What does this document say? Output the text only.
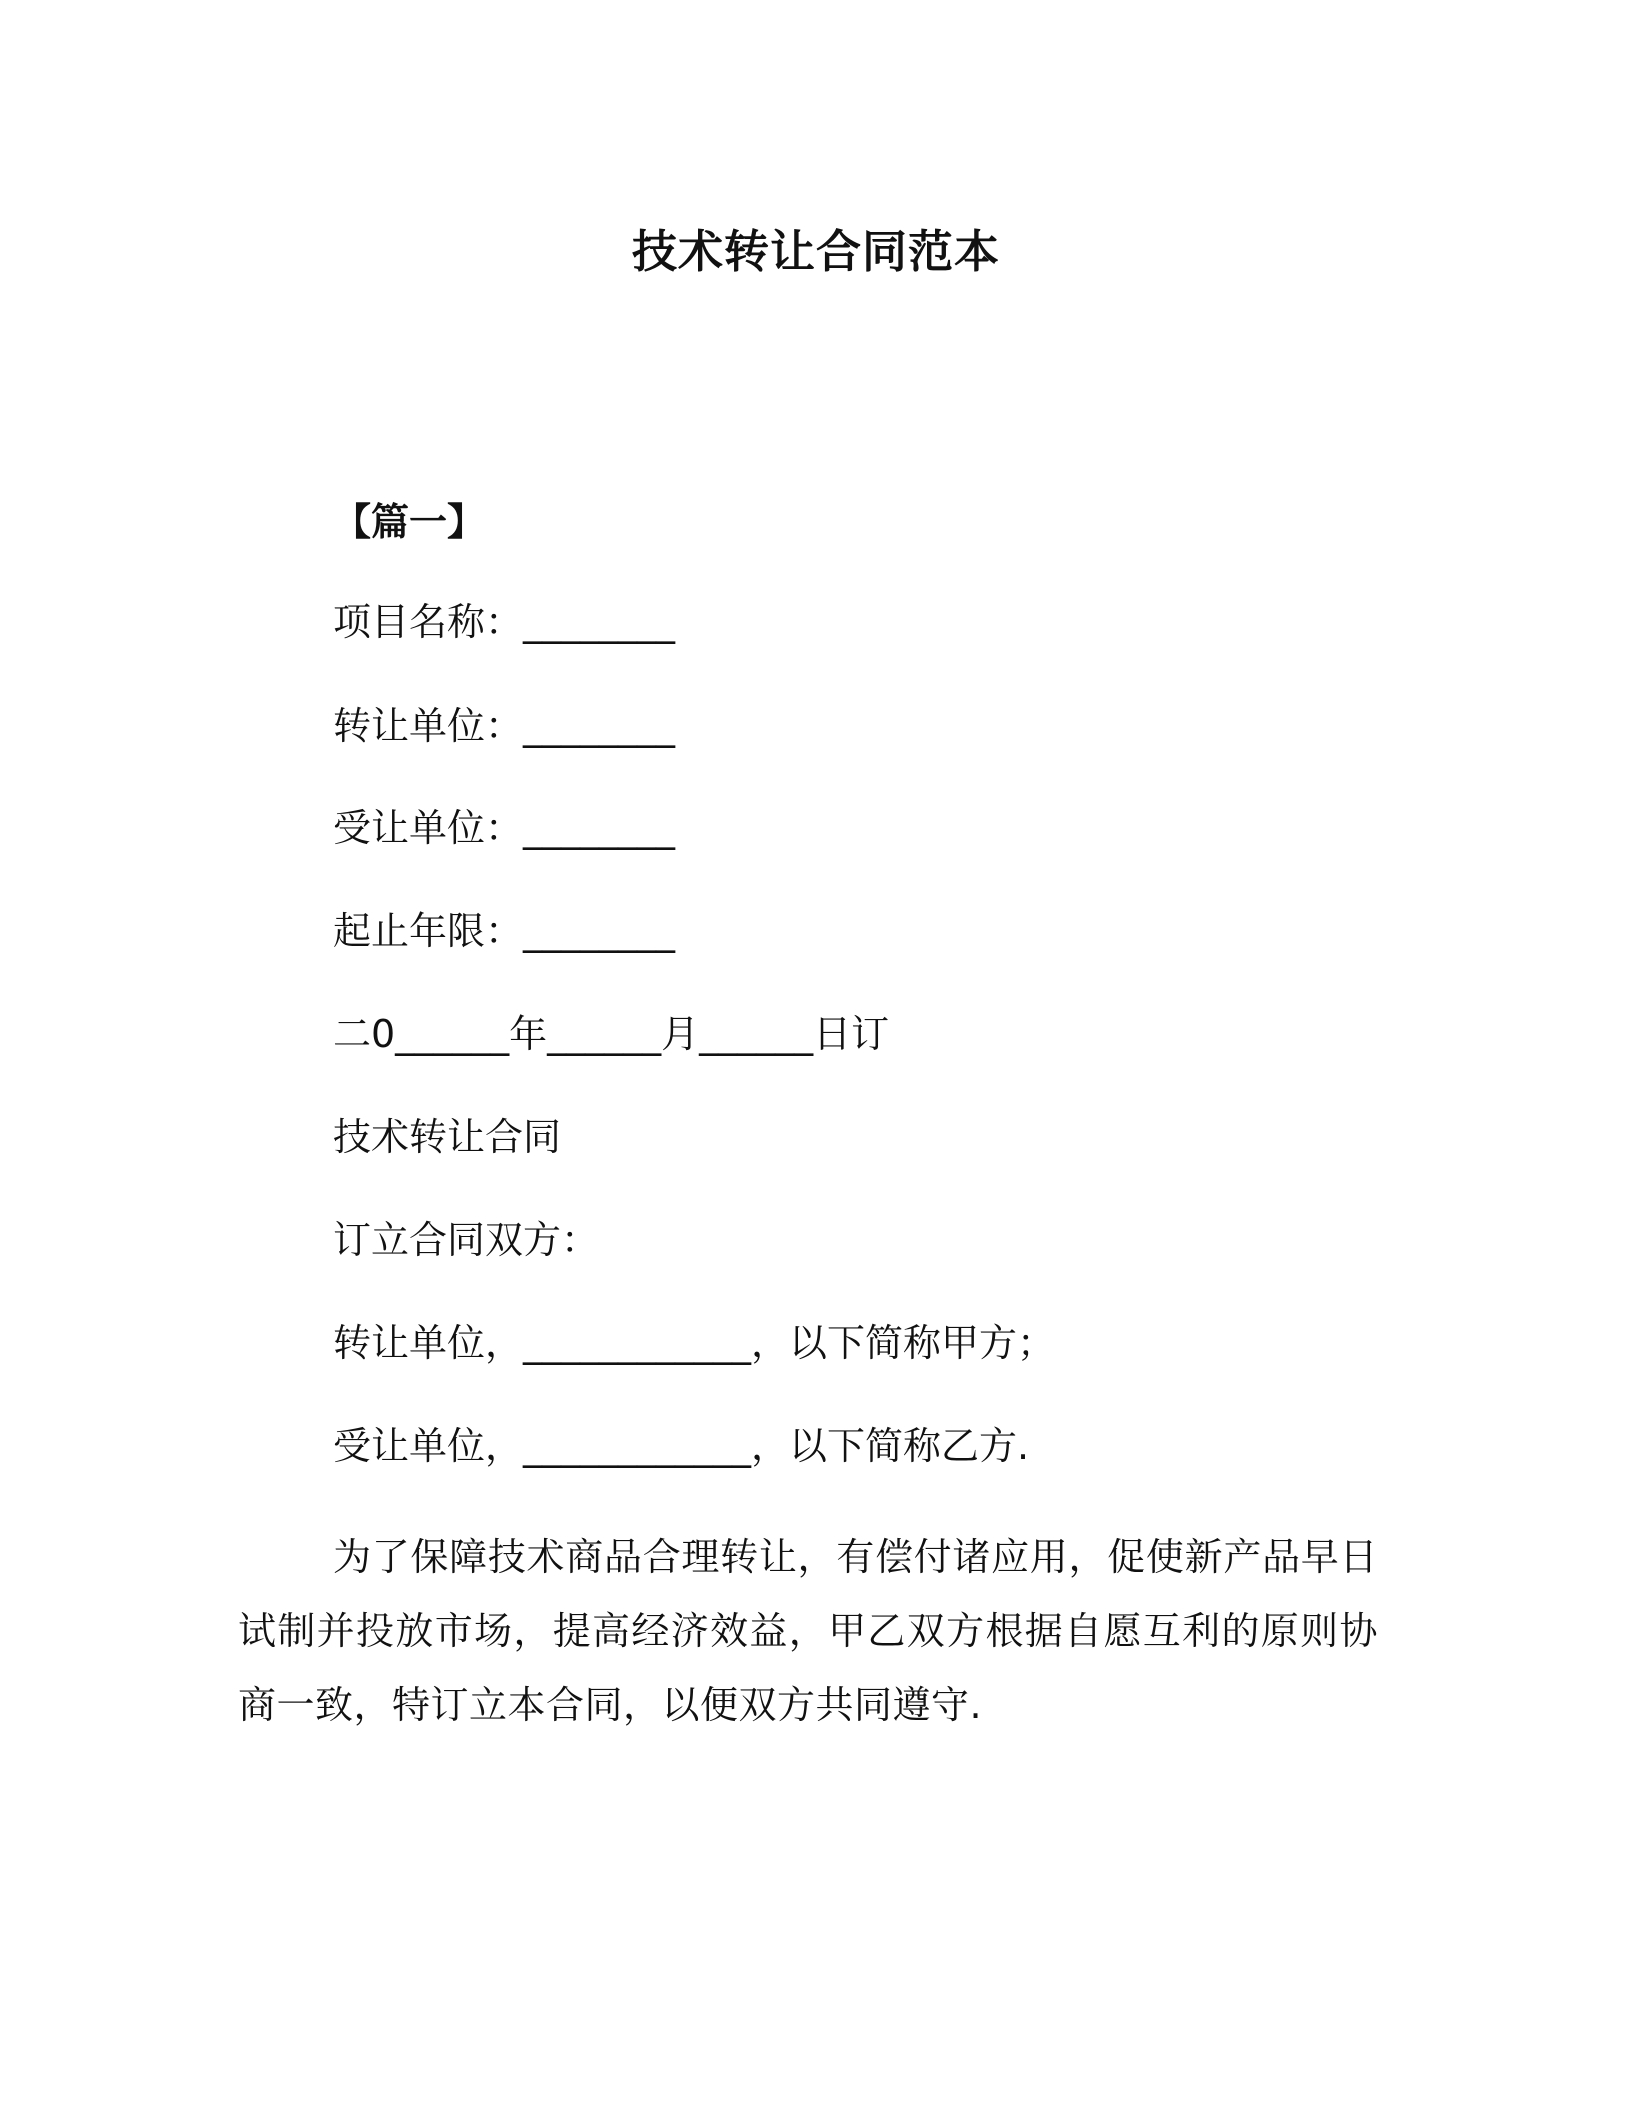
技术转让合同范本
【篇一】
项目名称：________
转让单位：________
受让单位：________
起止年限：________
二0______年______月______日订
技术转让合同
订立合同双方：
转让单位，____________，以下简称甲方；
受让单位，____________，以下简称乙方.

为了保障技术商品合理转让，有偿付诸应用，促使新产品早日试制并投放市场，提高经济效益，甲乙双方根据自愿互利的原则协商一致，特订立本合同，以便双方共同遵守.
